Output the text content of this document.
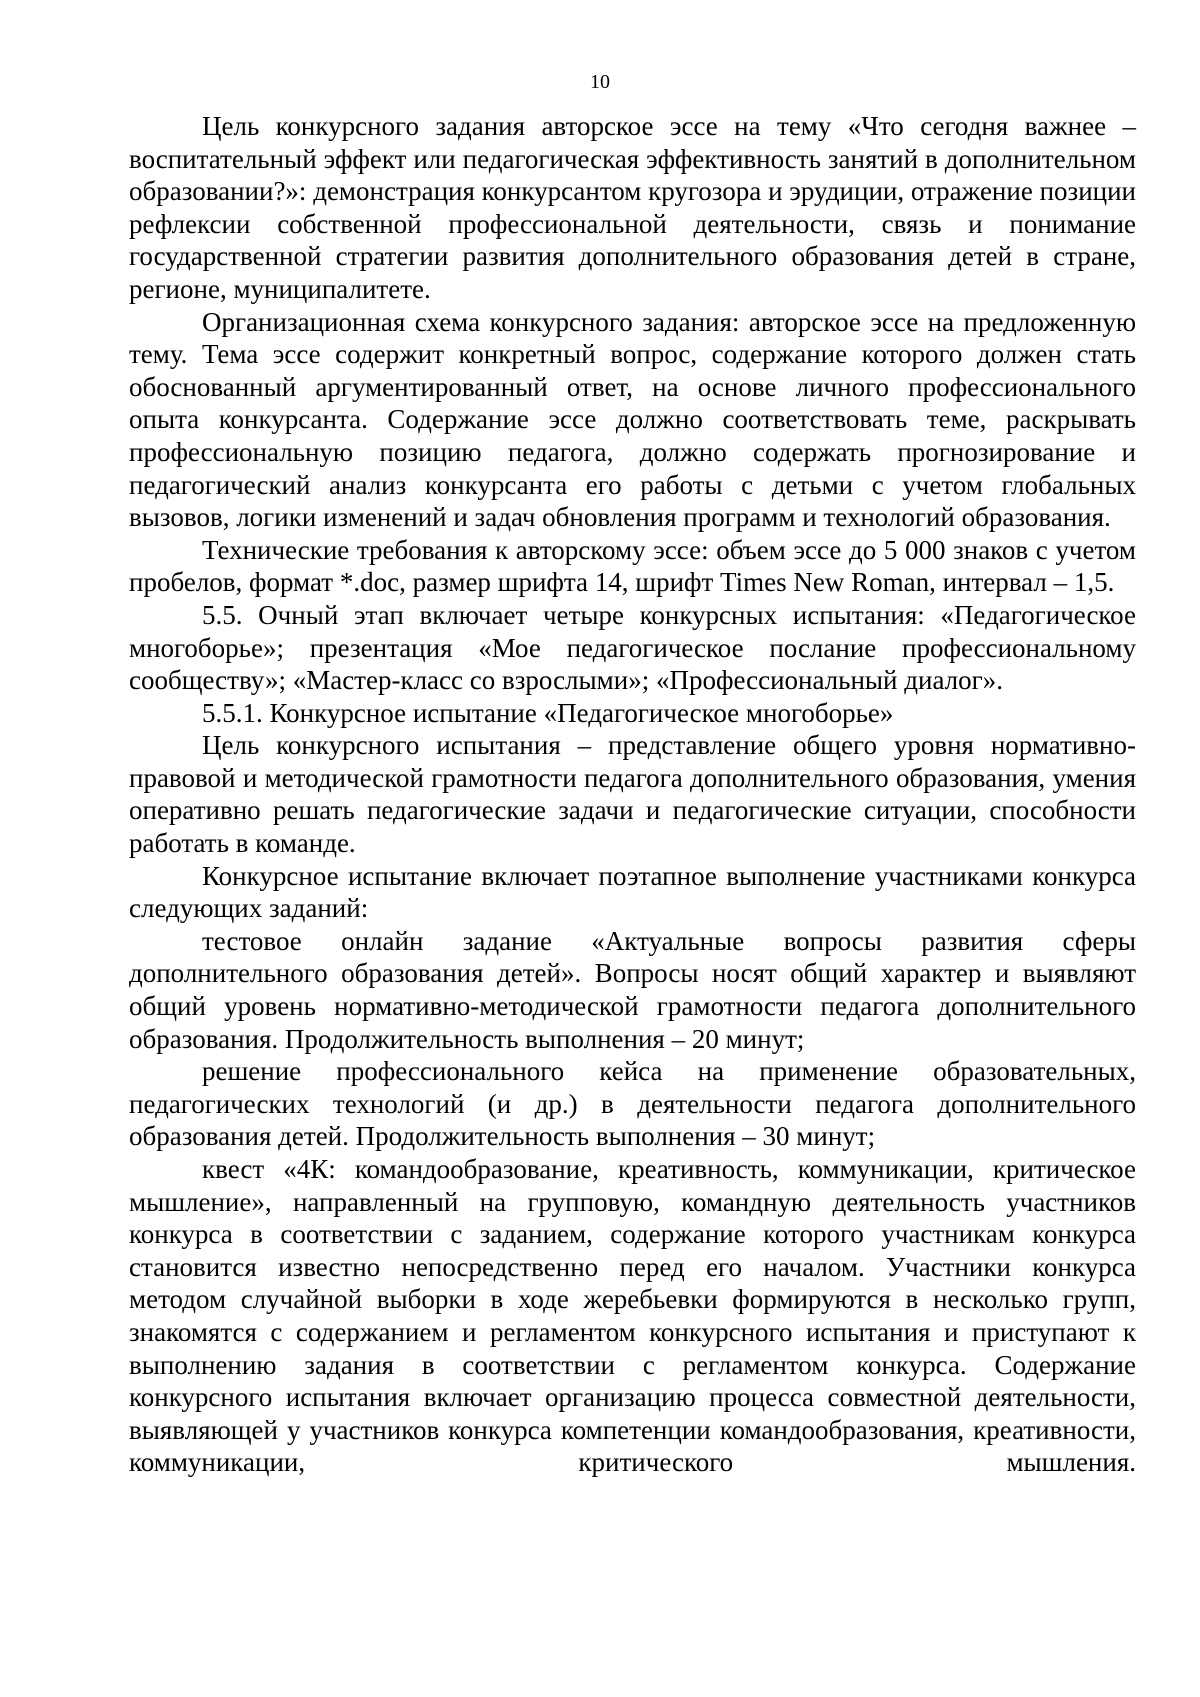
10

Цель конкурсного задания авторское эссе на тему «Что сегодня важнее – воспитательный эффект или педагогическая эффективность занятий в дополнительном образовании?»: демонстрация конкурсантом кругозора и эрудиции, отражение позиции рефлексии собственной профессиональной деятельности, связь и понимание государственной стратегии развития дополнительного образования детей в стране, регионе, муниципалитете.

Организационная схема конкурсного задания: авторское эссе на предложенную тему. Тема эссе содержит конкретный вопрос, содержание которого должен стать обоснованный аргументированный ответ, на основе личного профессионального опыта конкурсанта. Содержание эссе должно соответствовать теме, раскрывать профессиональную позицию педагога, должно содержать прогнозирование и педагогический анализ конкурсанта его работы с детьми с учетом глобальных вызовов, логики изменений и задач обновления программ и технологий образования.

Технические требования к авторскому эссе: объем эссе до 5 000 знаков с учетом пробелов, формат *.doc, размер шрифта 14, шрифт Times New Roman, интервал – 1,5.

5.5. Очный этап включает четыре конкурсных испытания: «Педагогическое многоборье»; презентация «Мое педагогическое послание профессиональному сообществу»; «Мастер-класс со взрослыми»; «Профессиональный диалог».

5.5.1. Конкурсное испытание «Педагогическое многоборье»

Цель конкурсного испытания – представление общего уровня нормативно-правовой и методической грамотности педагога дополнительного образования, умения оперативно решать педагогические задачи и педагогические ситуации, способности работать в команде.

Конкурсное испытание включает поэтапное выполнение участниками конкурса следующих заданий:

тестовое онлайн задание «Актуальные вопросы развития сферы дополнительного образования детей». Вопросы носят общий характер и выявляют общий уровень нормативно-методической грамотности педагога дополнительного образования. Продолжительность выполнения – 20 минут;

решение профессионального кейса на применение образовательных, педагогических технологий (и др.) в деятельности педагога дополнительного образования детей. Продолжительность выполнения – 30 минут;

квест «4К: командообразование, креативность, коммуникации, критическое мышление», направленный на групповую, командную деятельность участников конкурса в соответствии с заданием, содержание которого участникам конкурса становится известно непосредственно перед его началом. Участники конкурса методом случайной выборки в ходе жеребьевки формируются в несколько групп, знакомятся с содержанием и регламентом конкурсного испытания и приступают к выполнению задания в соответствии с регламентом конкурса. Содержание конкурсного испытания включает организацию процесса совместной деятельности, выявляющей у участников конкурса компетенции командообразования, креативности, коммуникации, критического мышления.
